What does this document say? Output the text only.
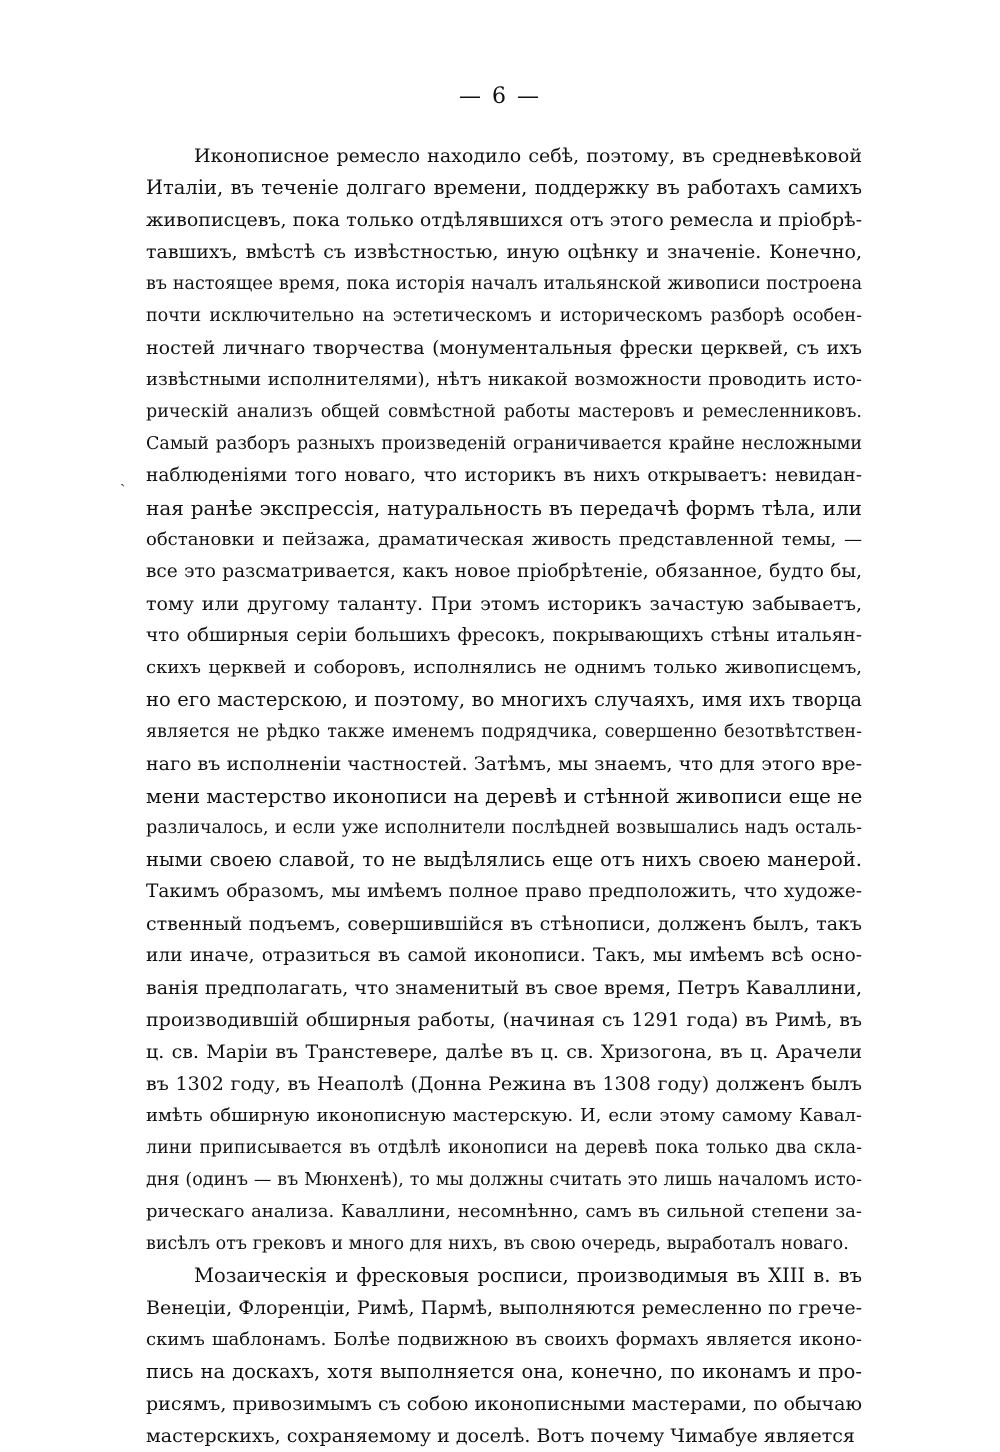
— 6 —
Иконописное ремесло находило себѣ, поэтому, въ средневѣковой
Италіи, въ теченіе долгаго времени, поддержку въ работахъ самихъ
живописцевъ, пока только отдѣлявшихся отъ этого ремесла и пріобрѣ-
тавшихъ, вмѣстѣ съ извѣстностью, иную оцѣнку и значеніе. Конечно,
въ настоящее время, пока исторія началъ итальянской живописи построена
почти исключительно на эстетическомъ и историческомъ разборѣ особен-
ностей личнаго творчества (монументальныя фрески церквей, съ ихъ
извѣстными исполнителями), нѣтъ никакой возможности проводить исто-
рическій анализъ общей совмѣстной работы мастеровъ и ремесленниковъ.
Самый разборъ разныхъ произведеній ограничивается крайне несложными
наблюденіями того новаго, что историкъ въ нихъ открываетъ: невидан-
ная ранѣе экспрессія, натуральность въ передачѣ формъ тѣла, или
обстановки и пейзажа, драматическая живость представленной темы, —
все это разсматривается, какъ новое пріобрѣтеніе, обязанное, будто бы,
тому или другому таланту. При этомъ историкъ зачастую забываетъ,
что обширныя серіи большихъ фресокъ, покрывающихъ стѣны итальян-
скихъ церквей и соборовъ, исполнялись не однимъ только живописцемъ,
но его мастерскою, и поэтому, во многихъ случаяхъ, имя ихъ творца
является не рѣдко также именемъ подрядчика, совершенно безотвѣтствен-
наго въ исполненіи частностей. Затѣмъ, мы знаемъ, что для этого вре-
мени мастерство иконописи на деревѣ и стѣнной живописи еще не
различалось, и если уже исполнители послѣдней возвышались надъ осталь-
ными своею славой, то не выдѣлялись еще отъ нихъ своею манерой.
Такимъ образомъ, мы имѣемъ полное право предположить, что художе-
ственный подъемъ, совершившійся въ стѣнописи, долженъ былъ, такъ
или иначе, отразиться въ самой иконописи. Такъ, мы имѣемъ всѣ осно-
ванія предполагать, что знаменитый въ свое время, Петръ Каваллини,
производившій обширныя работы, (начиная съ 1291 года) въ Римѣ, въ
ц. св. Маріи въ Транстевере, далѣе въ ц. св. Хризогона, въ ц. Арачели
въ 1302 году, въ Неаполѣ (Донна Режина въ 1308 году) долженъ былъ
имѣть обширную иконописную мастерскую. И, если этому самому Кавал-
лини приписывается въ отдѣлѣ иконописи на деревѣ пока только два скла-
дня (одинъ — въ Мюнхенѣ), то мы должны считать это лишь началомъ исто-
рическаго анализа. Каваллини, несомнѣнно, самъ въ сильной степени за-
висѣлъ отъ грековъ и много для нихъ, въ свою очередь, выработалъ новаго.
Мозаическія и фресковыя росписи, производимыя въ XIII в. въ
Венеціи, Флоренціи, Римѣ, Пармѣ, выполняются ремесленно по грече-
скимъ шаблонамъ. Болѣе подвижною въ своихъ формахъ является иконо-
пись на доскахъ, хотя выполняется она, конечно, по иконамъ и про-
рисямъ, привозимымъ съ собою иконописными мастерами, по обычаю
мастерскихъ, сохраняемому и доселѣ. Вотъ почему Чимабуе является
ˏ
